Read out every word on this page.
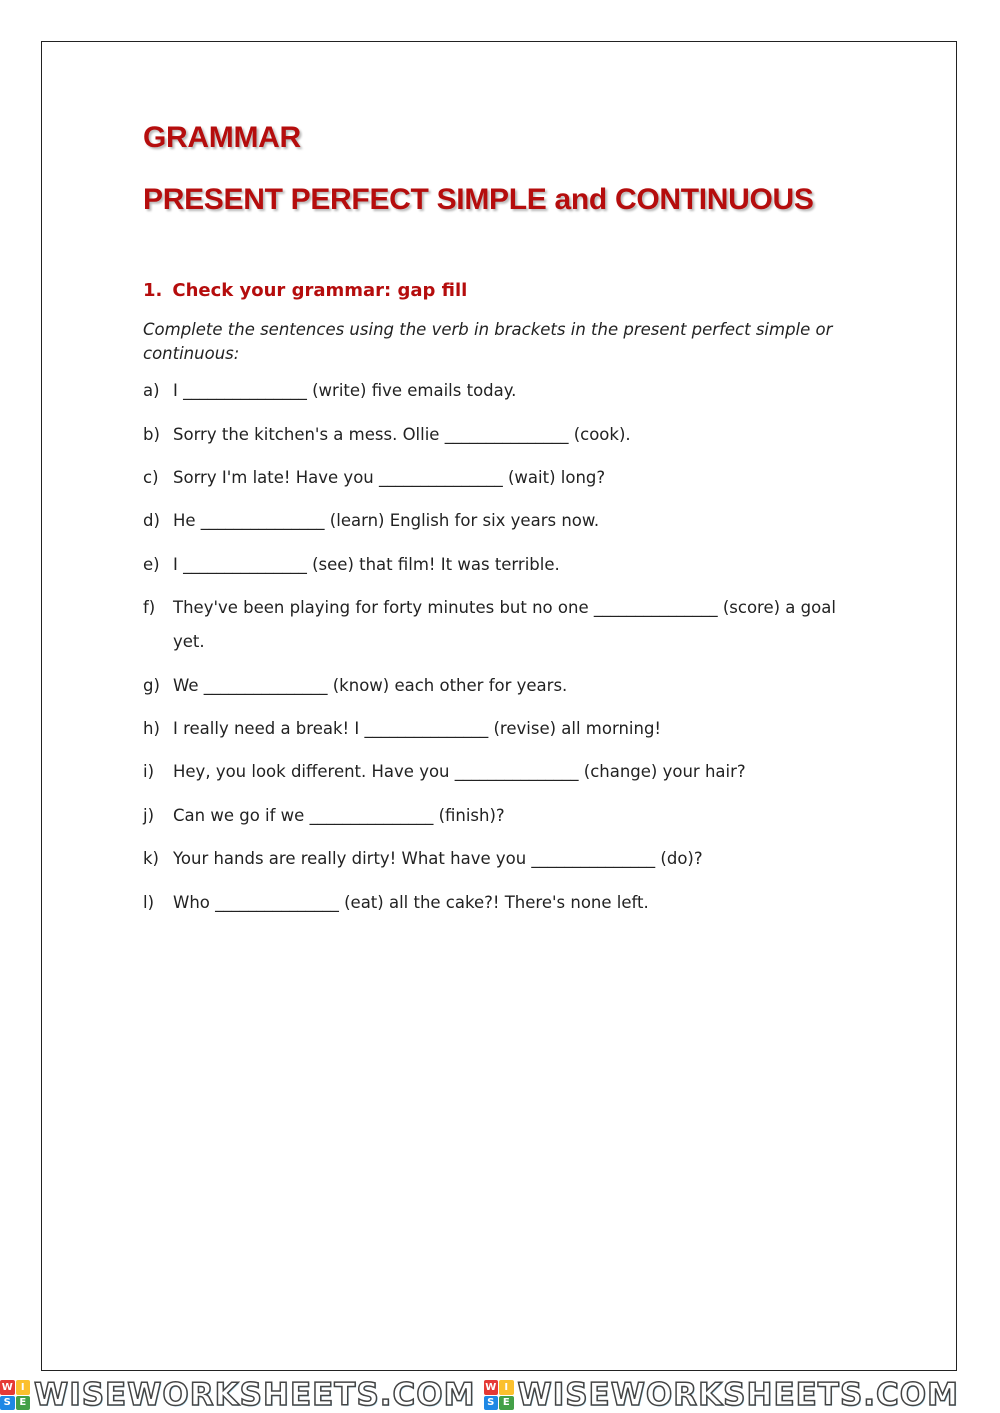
GRAMMAR
PRESENT PERFECT SIMPLE and CONTINUOUS
1. Check your grammar: gap fill

Complete the sentences using the verb in brackets in the present perfect simple or continuous:

a) I _______________ (write) five emails today.
b) Sorry the kitchen's a mess. Ollie _______________ (cook).
c) Sorry I'm late! Have you _______________ (wait) long?
d) He _______________ (learn) English for six years now.
e) I _______________ (see) that film! It was terrible.
f) They've been playing for forty minutes but no one _______________ (score) a goal yet.
g) We _______________ (know) each other for years.
h) I really need a break! I _______________ (revise) all morning!
i) Hey, you look different. Have you _______________ (change) your hair?
j) Can we go if we _______________ (finish)?
k) Your hands are really dirty! What have you _______________ (do)?
l) Who _______________ (eat) all the cake?! There's none left.
W I
S E WISEWORKSHEETS.COM W I
S E WISEWORKSHEETS.COM
